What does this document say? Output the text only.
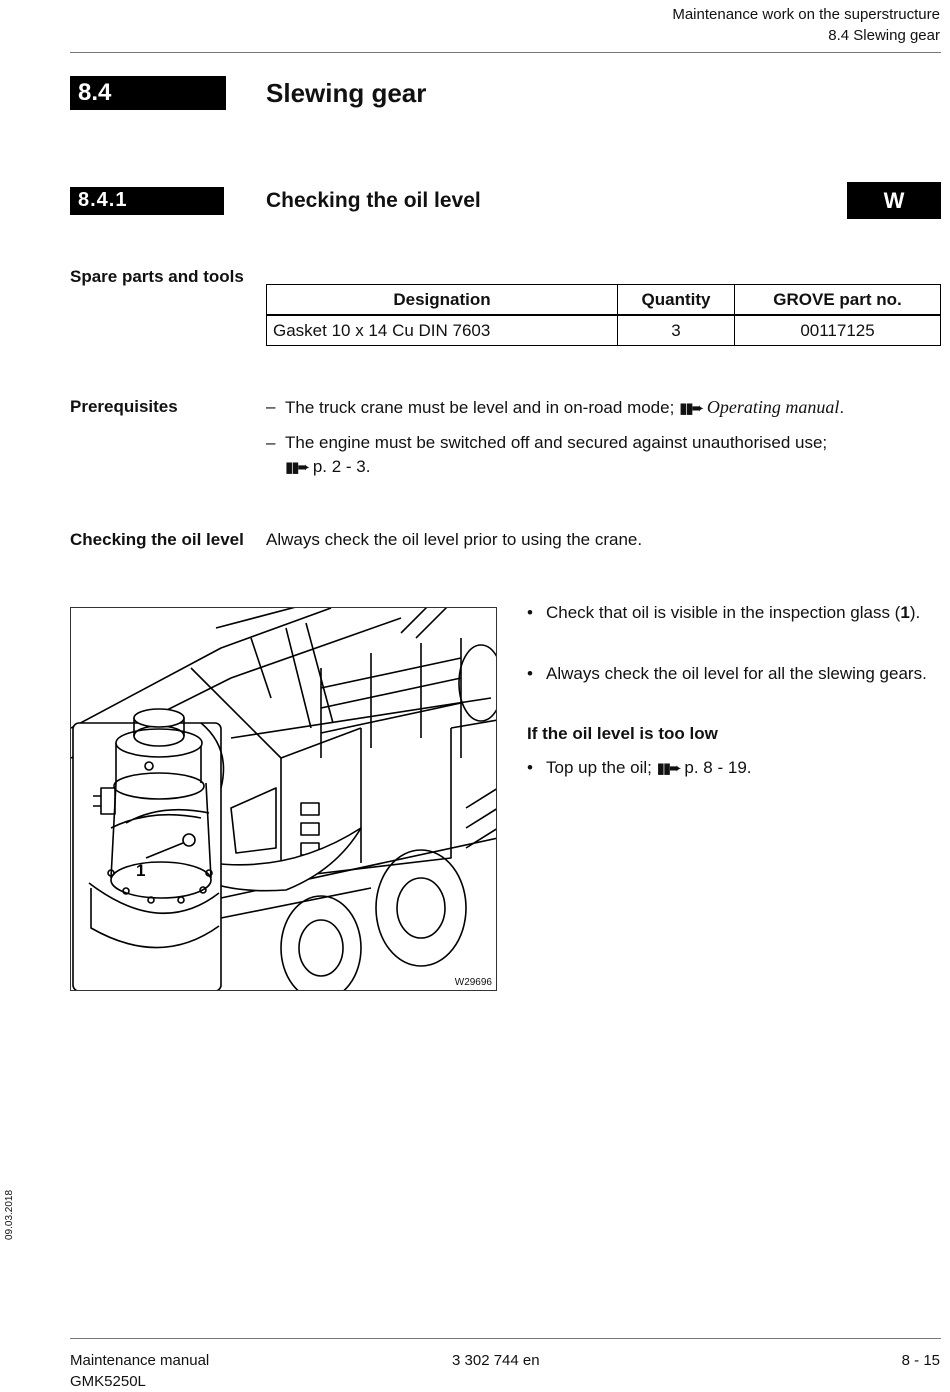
Maintenance work on the superstructure
8.4 Slewing gear
8.4	Slewing gear
8.4.1	Checking the oil level	W
Spare parts and tools
Designation	Quantity	GROVE part no.
Gasket 10 x 14 Cu DIN 7603	3	00117125
Prerequisites	– The truck crane must be level and in on-road mode; ▮▮➨ Operating manual.
– The engine must be switched off and secured against unauthorised use;
▮▮➨ p. 2 - 3.
Checking the oil level Always check the oil level prior to using the crane.
1
W29696
• Check that oil is visible in the inspection glass (1).
• Always check the oil level for all the slewing gears.
If the oil level is too low
• Top up the oil; ▮▮➨ p. 8 - 19.
09.03.2018
Maintenance manual
GMK5250L
3 302 744 en	8 - 15
